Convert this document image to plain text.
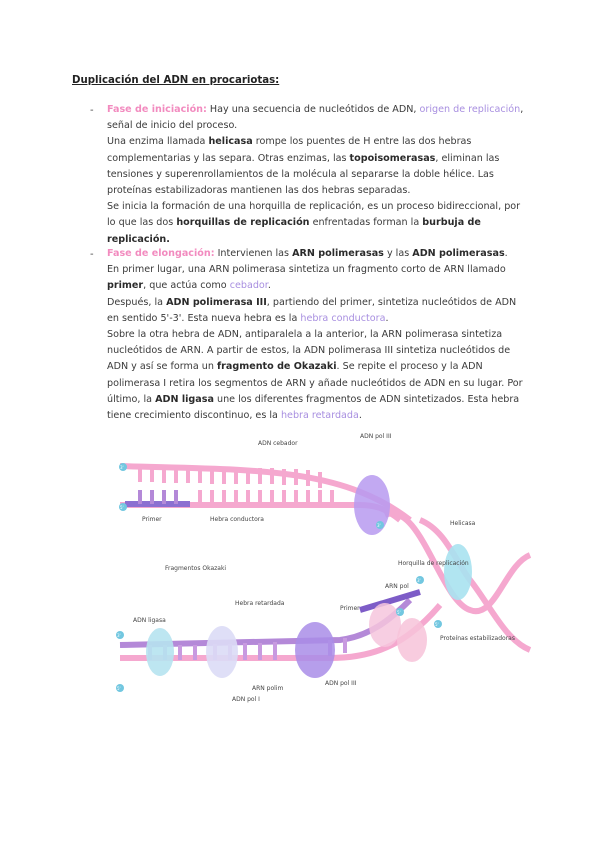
Duplicación del ADN en procariotas:
- Fase de iniciación: Hay una secuencia de nucleótidos de ADN, origen de replicación, señal de inicio del proceso.

Una enzima llamada helicasa rompe los puentes de H entre las dos hebras complementarias y las separa. Otras enzimas, las topoisomerasas, eliminan las tensiones y superenrollamientos de la molécula al separarse la doble hélice. Las proteínas estabilizadoras mantienen las dos hebras separadas.

Se inicia la formación de una horquilla de replicación, es un proceso bidireccional, por lo que las dos horquillas de replicación enfrentadas forman la burbuja de replicación.

- Fase de elongación: Intervienen las ARN polimerasas y las ADN polimerasas.

En primer lugar, una ARN polimerasa sintetiza un fragmento corto de ARN llamado primer, que actúa como cebador.

Después, la ADN polimerasa III, partiendo del primer, sintetiza nucleótidos de ADN en sentido 5'-3'. Esta nueva hebra es la hebra conductora.

Sobre la otra hebra de ADN, antiparalela a la anterior, la ARN polimerasa sintetiza nucleótidos de ARN. A partir de estos, la ADN polimerasa III sintetiza nucleótidos de ADN y así se forma un fragmento de Okazaki. Se repite el proceso y la ADN polimerasa I retira los segmentos de ARN y añade nucleótidos de ADN en su lugar. Por último, la ADN ligasa une los diferentes fragmentos de ADN sintetizados. Esta hebra tiene crecimiento discontinuo, es la hebra retardada.

ADN cebador
ADN pol III
Primer	Hebra conductora
Helicasa
Horquilla de replicación
Fragmentos Okazaki
ADN ligasa
Hebra retardada
ARN pol
Primer
Proteínas estabilizadoras
ADN pol III
ARN polim
ADN pol I
3'
5'
3'
5'
3'
5'
3'
5'
